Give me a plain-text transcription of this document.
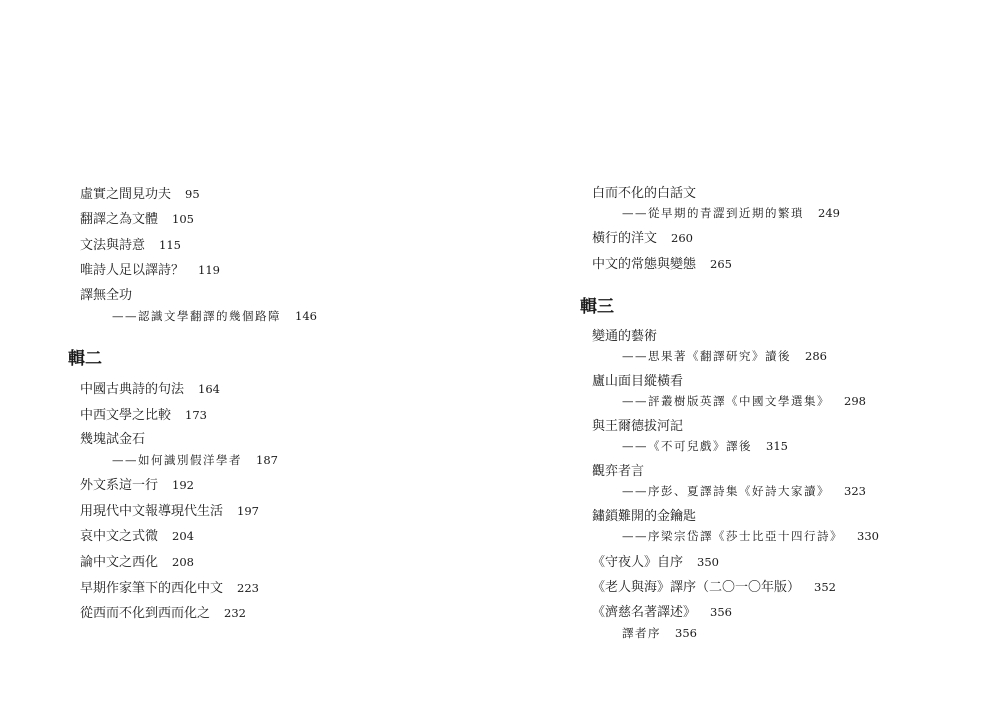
虛實之間見功夫 95
翻譯之為文體 105
文法與詩意 115
唯詩人足以譯詩？ 119
譯無全功
——認識文學翻譯的幾個路障 146
輯二
中國古典詩的句法 164
中西文學之比較 173
幾塊試金石
——如何識別假洋學者 187
外文系這一行 192
用現代中文報導現代生活 197
哀中文之式微 204
論中文之西化 208
早期作家筆下的西化中文 223
從西而不化到西而化之 232
白而不化的白話文
——從早期的青澀到近期的繁瑣 249
橫行的洋文 260
中文的常態與變態 265
輯三
變通的藝術
——思果著《翻譯研究》讀後 286
廬山面目縱橫看
——評叢樹版英譯《中國文學選集》 298
與王爾德拔河記
——《不可兒戲》譯後 315
觀弈者言
——序彭、夏譯詩集《好詩大家讀》 323
鏽鎖難開的金鑰匙
——序梁宗岱譯《莎士比亞十四行詩》 330
《守夜人》自序 350
《老人與海》譯序（二〇一〇年版） 352
《濟慈名著譯述》 356
譯者序 356
